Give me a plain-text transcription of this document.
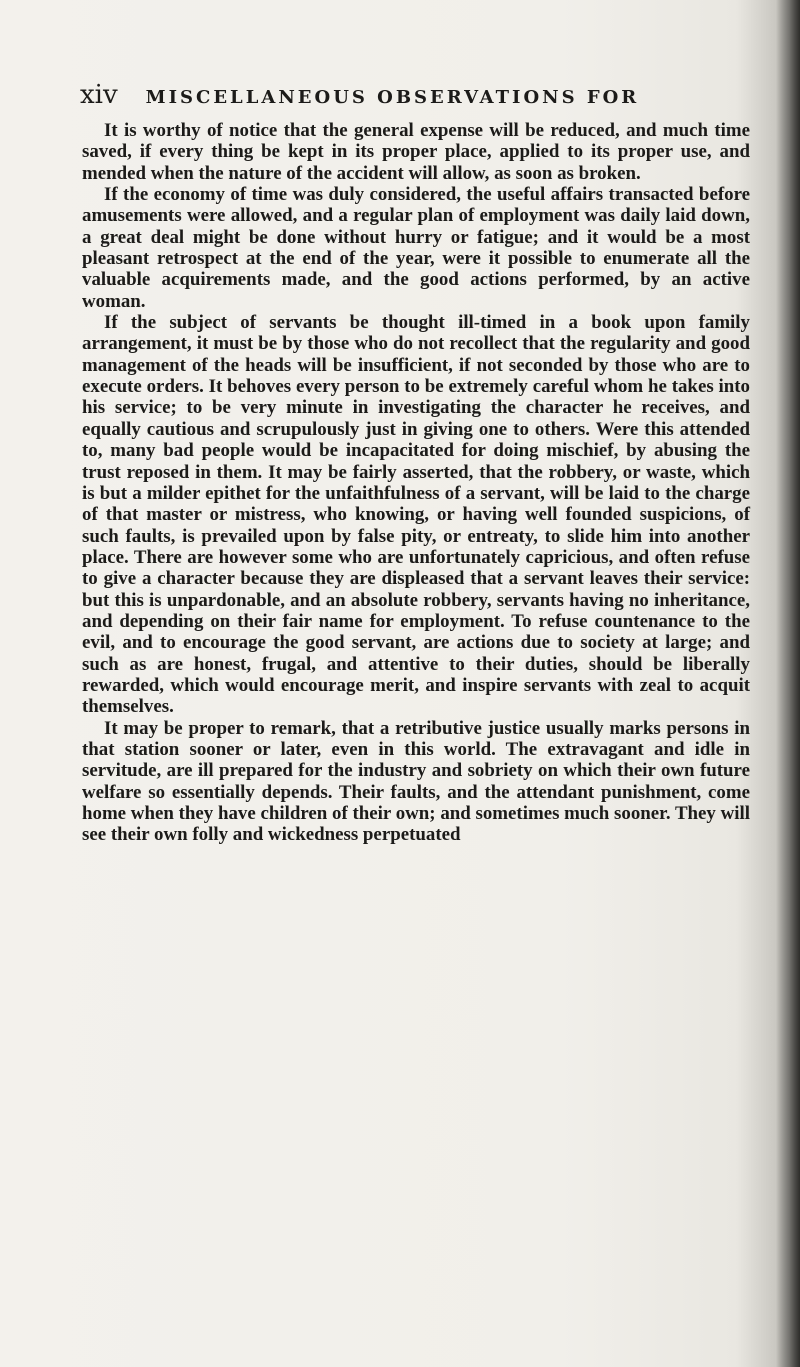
xiv MISCELLANEOUS OBSERVATIONS FOR

It is worthy of notice that the general expense will be reduced, and much time saved, if every thing be kept in its proper place, applied to its proper use, and mended when the nature of the accident will allow, as soon as broken.

If the economy of time was duly considered, the useful affairs transacted before amusements were allowed, and a regular plan of employment was daily laid down, a great deal might be done without hurry or fatigue; and it would be a most pleasant retrospect at the end of the year, were it possible to enumerate all the valuable acquirements made, and the good actions performed, by an active woman.

If the subject of servants be thought ill-timed in a book upon family arrangement, it must be by those who do not recollect that the regularity and good management of the heads will be insufficient, if not seconded by those who are to execute orders. It behoves every person to be extremely careful whom he takes into his service; to be very minute in investigating the character he receives, and equally cautious and scrupulously just in giving one to others. Were this attended to, many bad people would be incapacitated for doing mischief, by abusing the trust reposed in them. It may be fairly asserted, that the robbery, or waste, which is but a milder epithet for the unfaithfulness of a servant, will be laid to the charge of that master or mistress, who knowing, or having well founded suspicions, of such faults, is prevailed upon by false pity, or entreaty, to slide him into another place. There are however some who are unfortunately capricious, and often refuse to give a character because they are displeased that a servant leaves their service: but this is unpardonable, and an absolute robbery, servants having no inheritance, and depending on their fair name for employment. To refuse countenance to the evil, and to encourage the good servant, are actions due to society at large; and such as are honest, frugal, and attentive to their duties, should be liberally rewarded, which would encourage merit, and inspire servants with zeal to acquit themselves.

It may be proper to remark, that a retributive justice usually marks persons in that station sooner or later, even in this world. The extravagant and idle in servitude, are ill prepared for the industry and sobriety on which their own future welfare so essentially depends. Their faults, and the attendant punishment, come home when they have children of their own; and sometimes much sooner. They will see their own folly and wickedness perpetuated
